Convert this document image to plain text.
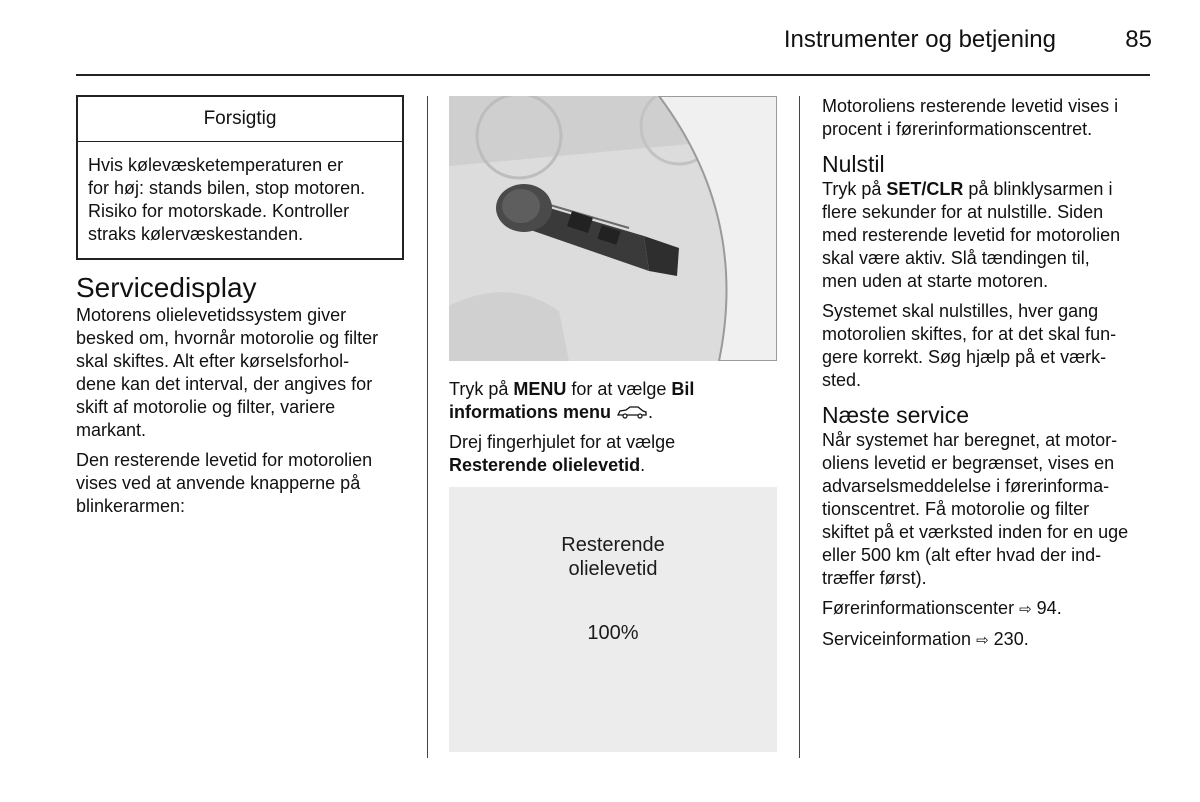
Instrumenter og betjening	85
Forsigtig
Hvis kølevæsketemperaturen er
for høj: stands bilen, stop motoren.
Risiko for motorskade. Kontroller
straks kølervæskestanden.
Servicedisplay

Motorens olielevetidssystem giver
besked om, hvornår motorolie og filter
skal skiftes. Alt efter kørselsforhol-
dene kan det interval, der angives for
skift af motorolie og filter, variere
markant.

Den resterende levetid for motorolien
vises ved at anvende knapperne på
blinkerarmen:

Tryk på MENU for at vælge Bil
informations menu .

Drej fingerhjulet for at vælge
Resterende olielevetid.

Resterende
olielevetid
100%

Motoroliens resterende levetid vises i
procent i førerinformationscentret.

Nulstil

Tryk på SET/CLR på blinklysarmen i
flere sekunder for at nulstille. Siden
med resterende levetid for motorolien
skal være aktiv. Slå tændingen til,
men uden at starte motoren.

Systemet skal nulstilles, hver gang
motorolien skiftes, for at det skal fun-
gere korrekt. Søg hjælp på et værk-
sted.

Næste service

Når systemet har beregnet, at motor-
oliens levetid er begrænset, vises en
advarselsmeddelelse i førerinforma-
tionscentret. Få motorolie og filter
skiftet på et værksted inden for en uge
eller 500 km (alt efter hvad der ind-
træffer først).

Førerinformationscenter ⇨ 94.

Serviceinformation ⇨ 230.
